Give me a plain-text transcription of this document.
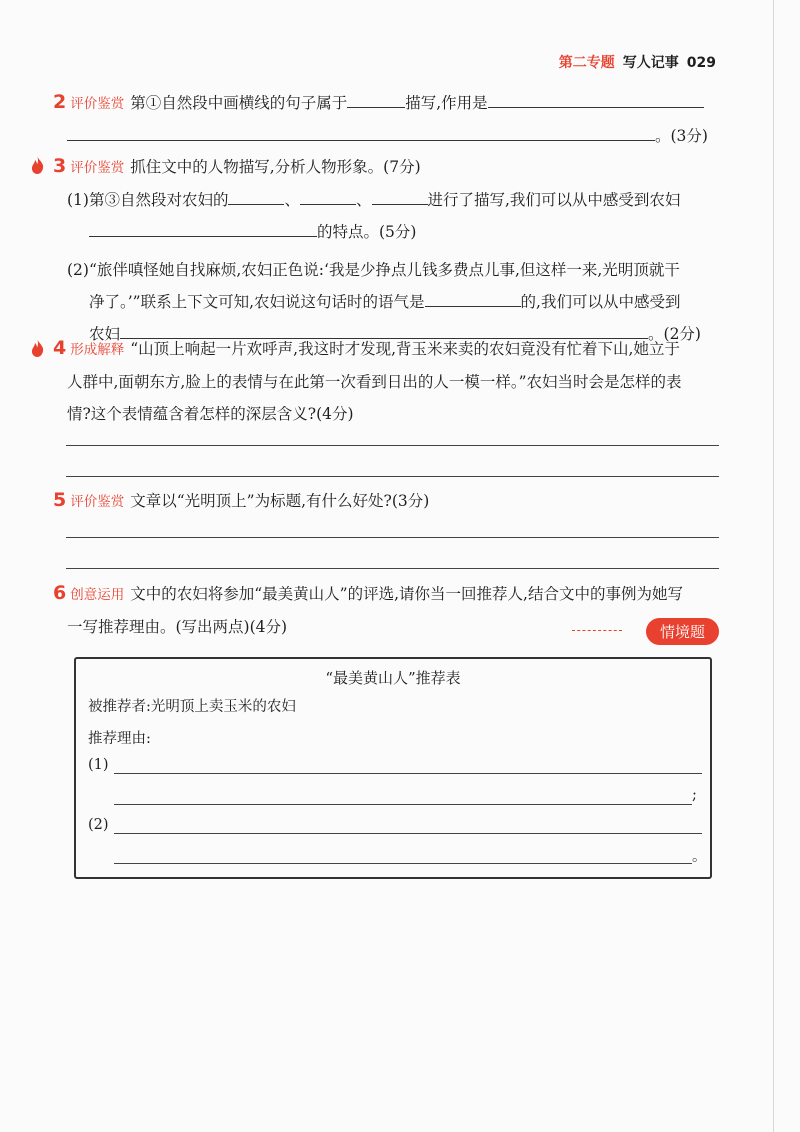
第二专题 写人记事 029
2 评价鉴赏 第①自然段中画横线的句子属于	描写,作用是
。(3分)
3 评价鉴赏 抓住文中的人物描写,分析人物形象。(7分)

(1)第③自然段对农妇的	、	、	进行了描写,我们可以从中感受到农妇
的特点。(5分)
(2)“旅伴嗔怪她自找麻烦,农妇正色说:‘我是少挣点儿钱多费点儿事,但这样一来,光明顶就干
净了。’”联系上下文可知,农妇说这句话时的语气是	的,我们可以从中感受到
农妇	。(2分)
4 形成解释 “山顶上响起一片欢呼声,我这时才发现,背玉米来卖的农妇竟没有忙着下山,她立于
人群中,面朝东方,脸上的表情与在此第一次看到日出的人一模一样。”农妇当时会是怎样的表
情?这个表情蕴含着怎样的深层含义?(4分)
5 评价鉴赏 文章以“光明顶上”为标题,有什么好处?(3分)
6 创意运用 文中的农妇将参加“最美黄山人”的评选,请你当一回推荐人,结合文中的事例为她写
一写推荐理由。(写出两点)(4分)	情境题
“最美黄山人”推荐表
被推荐者:光明顶上卖玉米的农妇
推荐理由:
(1)
;
(2)
。
